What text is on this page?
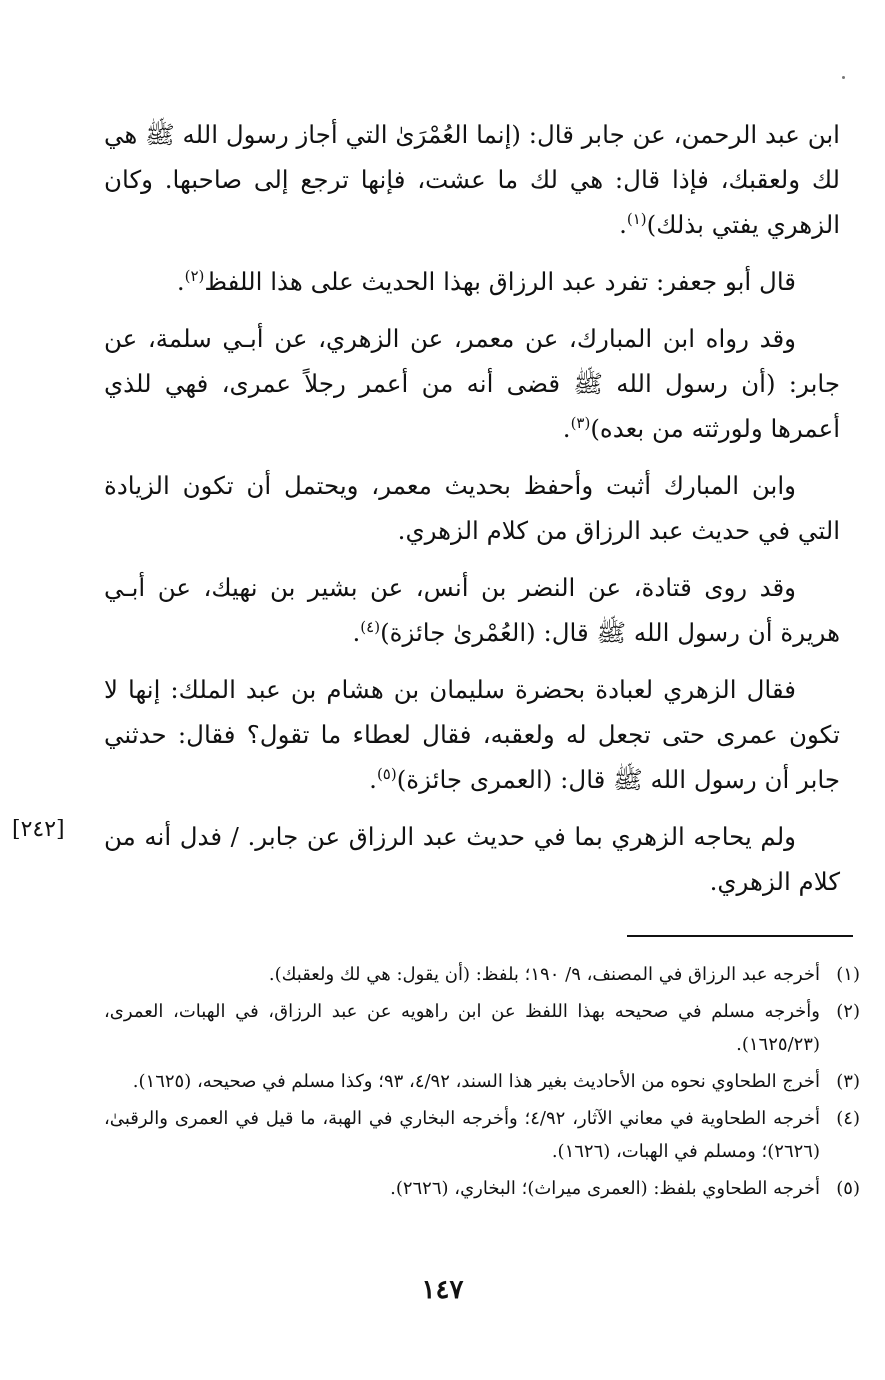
ابن عبد الرحمن، عن جابر قال: (إنما العُمْرَىٰ التي أجاز رسول الله ﷺ هي لك ولعقبك، فإذا قال: هي لك ما عشت، فإنها ترجع إلى صاحبها. وكان الزهري يفتي بذلك)$^{(١)}$.

قال أبو جعفر: تفرد عبد الرزاق بهذا الحديث على هذا اللفظ$^{(٢)}$.

وقد رواه ابن المبارك، عن معمر، عن الزهري، عن أبـي سلمة، عن جابر: (أن رسول الله ﷺ قضى أنه من أعمر رجلاً عمرى، فهي للذي أعمرها ولورثته من بعده)$^{(٣)}$.

وابن المبارك أثبت وأحفظ بحديث معمر، ويحتمل أن تكون الزيادة التي في حديث عبد الرزاق من كلام الزهري.

وقد روى قتادة، عن النضر بن أنس، عن بشير بن نهيك، عن أبـي هريرة أن رسول الله ﷺ قال: (العُمْرىٰ جائزة)$^{(٤)}$.

فقال الزهري لعبادة بحضرة سليمان بن هشام بن عبد الملك: إنها لا تكون عمرى حتى تجعل له ولعقبه، فقال لعطاء ما تقول؟ فقال: حدثني جابر أن رسول الله ﷺ قال: (العمرى جائزة)$^{(٥)}$.

ولم يحاجه الزهري بما في حديث عبد الرزاق عن جابر. / فدل أنه من كلام الزهري.

[٢٤٢]
(١)
أخرجه عبد الرزاق في المصنف، ٩/ ١٩٠؛ بلفظ: (أن يقول: هي لك ولعقبك).
(٢)
وأخرجه مسلم في صحيحه بهذا اللفظ عن ابن راهويه عن عبد الرزاق، في الهبات، العمرى، (١٦٢٥/٢٣).
(٣)
أخرج الطحاوي نحوه من الأحاديث بغير هذا السند، ٤/٩٢، ٩٣؛ وكذا مسلم في صحيحه، (١٦٢٥).
(٤)
أخرجه الطحاوية في معاني الآثار، ٤/٩٢؛ وأخرجه البخاري في الهبة، ما قيل في العمرى والرقبىٰ، (٢٦٢٦)؛ ومسلم في الهبات، (١٦٢٦).
(٥)
أخرجه الطحاوي بلفظ: (العمرى ميراث)؛ البخاري، (٢٦٢٦).
١٤٧
